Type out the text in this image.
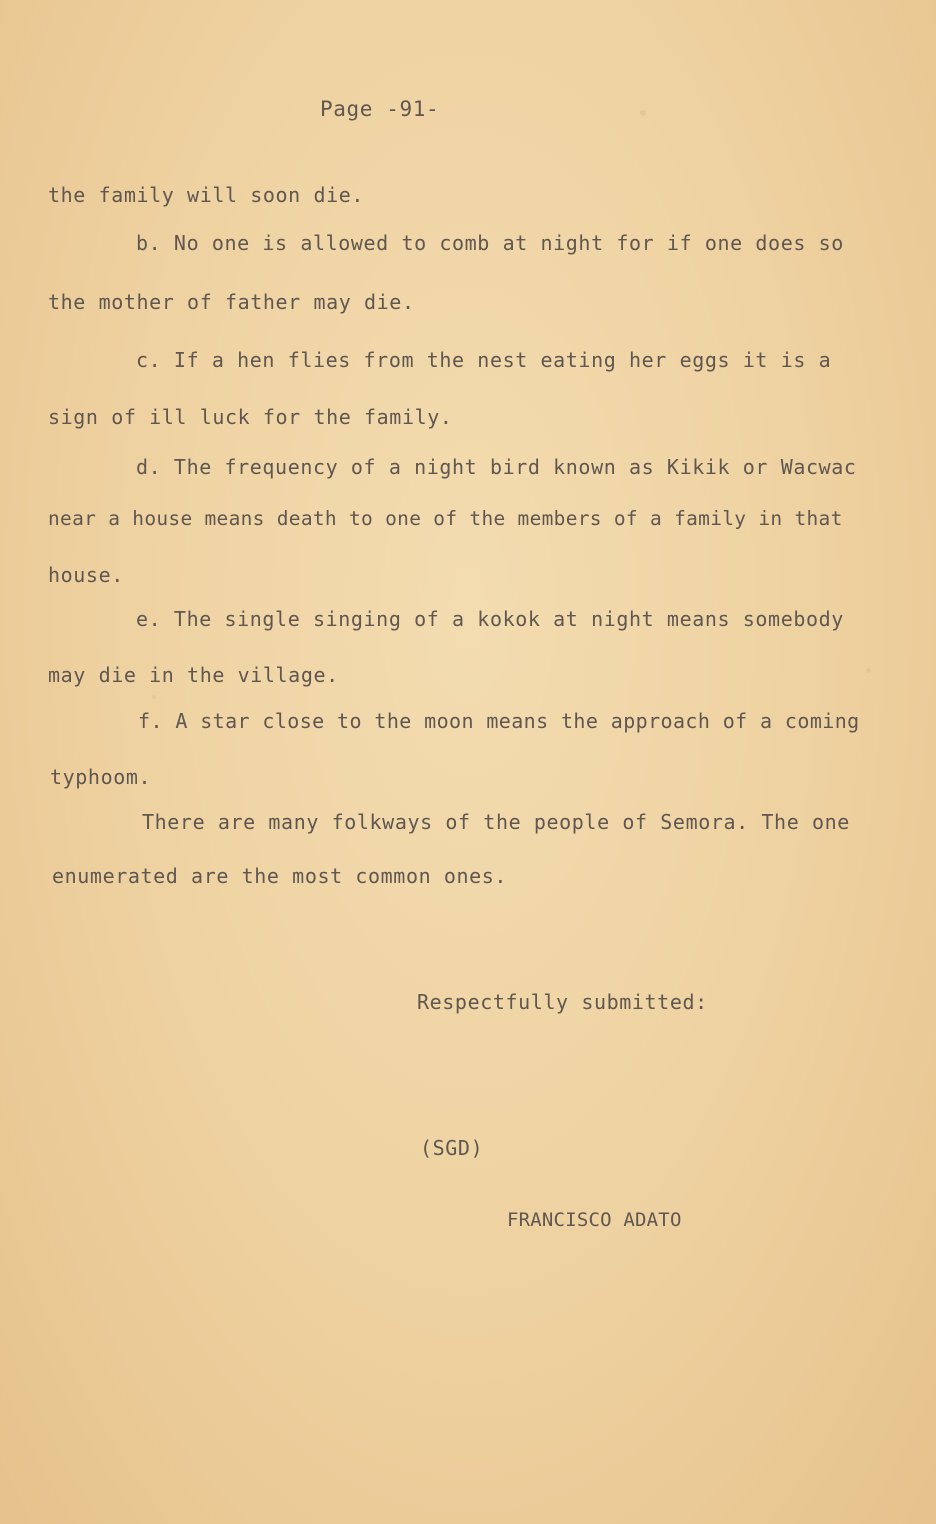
Page -91-

the family will soon die.

b. No one is allowed to comb at night for if one does so

the mother of father may die.

c. If a hen flies from the nest eating her eggs it is a

sign of ill luck for the family.

d. The frequency of a night bird known as Kikik or Wacwac

near a house means death to one of the members of a family in that

house.

e. The single singing of a kokok at night means somebody

may die in the village.

f. A star close to the moon means the approach of a coming

typhoom.

There are many folkways of the people of Semora. The one

enumerated are the most common ones.

Respectfully submitted:

(SGD)

FRANCISCO ADATO
